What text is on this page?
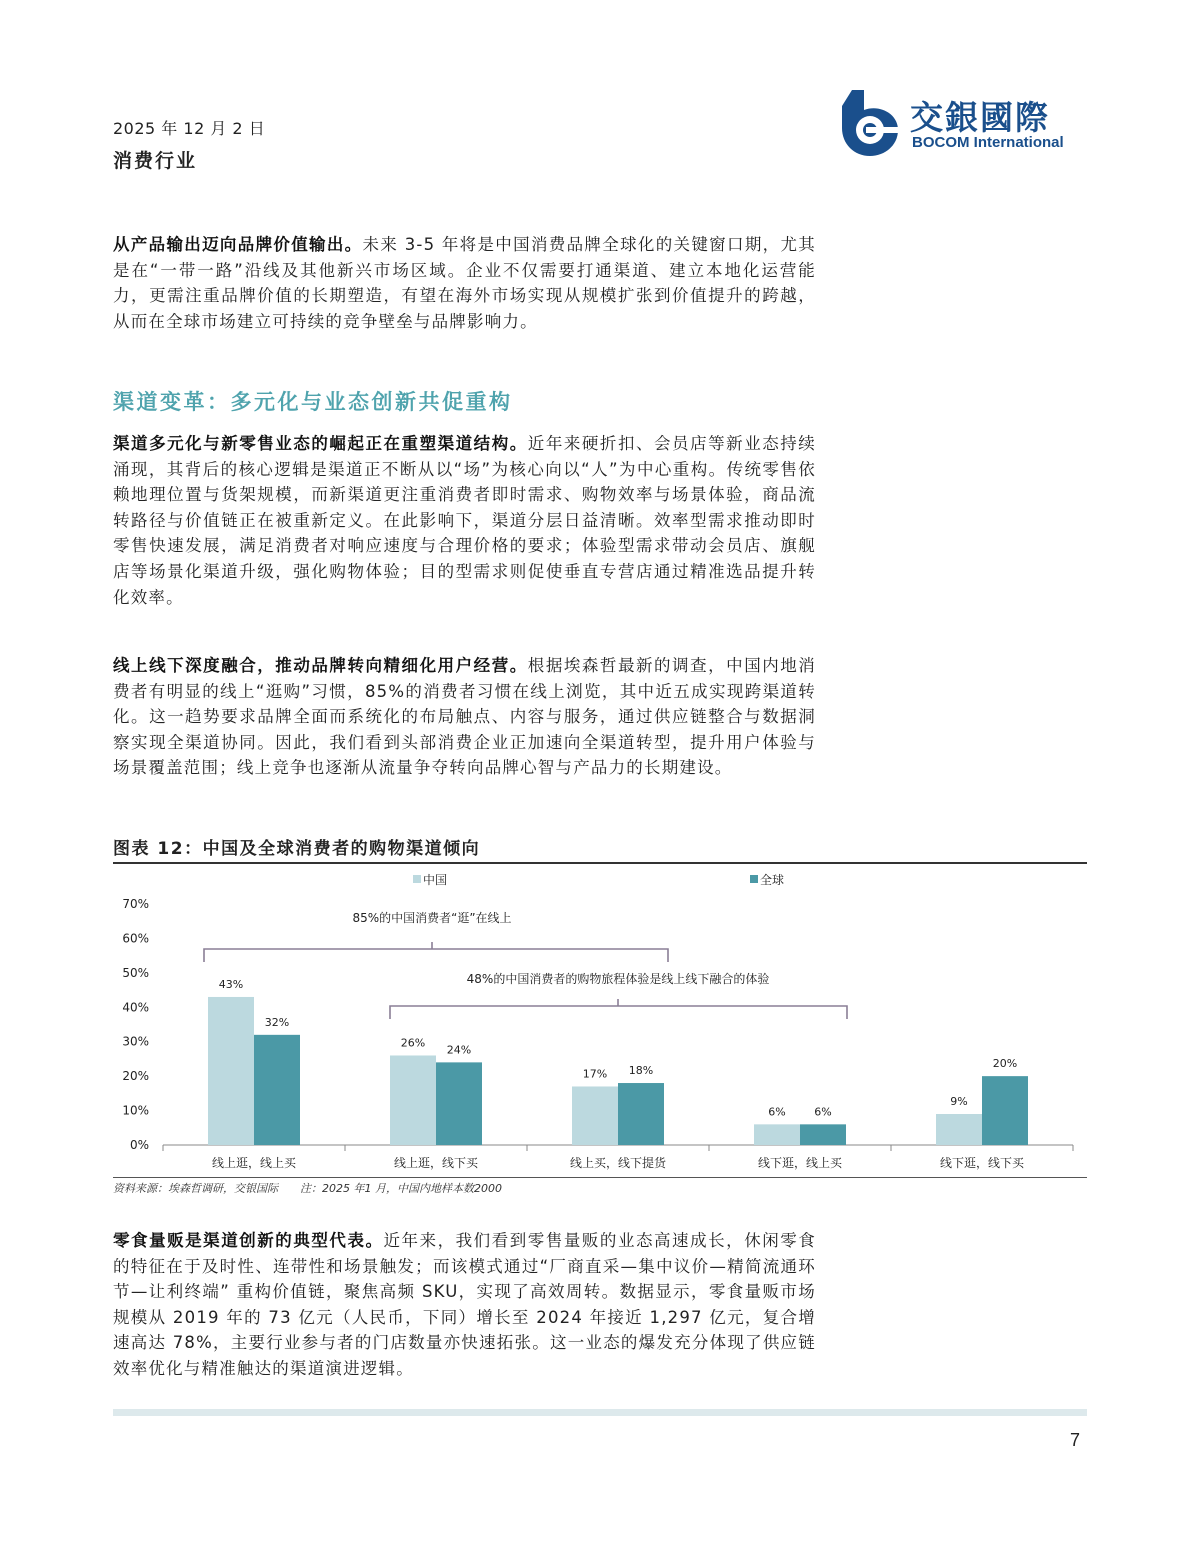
2025 年 12 月 2 日
消费行业
交銀國際
BOCOM International
从产品输出迈向品牌价值输出。未来 3-5 年将是中国消费品牌全球化的关键窗口期，尤其是在“一带一路”沿线及其他新兴市场区域。企业不仅需要打通渠道、建立本地化运营能力，更需注重品牌价值的长期塑造，有望在海外市场实现从规模扩张到价值提升的跨越，从而在全球市场建立可持续的竞争壁垒与品牌影响力。
渠道变革：多元化与业态创新共促重构
渠道多元化与新零售业态的崛起正在重塑渠道结构。近年来硬折扣、会员店等新业态持续涌现，其背后的核心逻辑是渠道正不断从以“场”为核心向以“人”为中心重构。传统零售依赖地理位置与货架规模，而新渠道更注重消费者即时需求、购物效率与场景体验，商品流转路径与价值链正在被重新定义。在此影响下，渠道分层日益清晰。效率型需求推动即时零售快速发展，满足消费者对响应速度与合理价格的要求；体验型需求带动会员店、旗舰店等场景化渠道升级，强化购物体验；目的型需求则促使垂直专营店通过精准选品提升转化效率。
线上线下深度融合，推动品牌转向精细化用户经营。根据埃森哲最新的调查，中国内地消费者有明显的线上“逛购”习惯，85%的消费者习惯在线上浏览，其中近五成实现跨渠道转化。这一趋势要求品牌全面而系统化的布局触点、内容与服务，通过供应链整合与数据洞察实现全渠道协同。因此，我们看到头部消费企业正加速向全渠道转型，提升用户体验与场景覆盖范围；线上竞争也逐渐从流量争夺转向品牌心智与产品力的长期建设。
图表 12：中国及全球消费者的购物渠道倾向
0%
10%
20%
30%
40%
50%
60%
70%
中国	全球
43%
32%
线上逛，线上买
26%
24%
线上逛，线下买
17% 18%
线上买，线下提货
6%	6%
线下逛，线上买
9%
20%
线下逛，线下买
85%的中国消费者“逛”在线上
48%的中国消费者的购物旅程体验是线上线下融合的体验
资料来源：埃森哲调研，交银国际　　注：2025 年1 月，中国内地样本数2000
零食量贩是渠道创新的典型代表。近年来，我们看到零售量贩的业态高速成长，休闲零食的特征在于及时性、连带性和场景触发；而该模式通过“厂商直采—集中议价—精简流通环节—让利终端” 重构价值链，聚焦高频 SKU，实现了高效周转。数据显示，零食量贩市场规模从 2019 年的 73 亿元（人民币，下同）增长至 2024 年接近 1,297 亿元，复合增速高达 78%，主要行业参与者的门店数量亦快速拓张。这一业态的爆发充分体现了供应链效率优化与精准触达的渠道演进逻辑。
7
